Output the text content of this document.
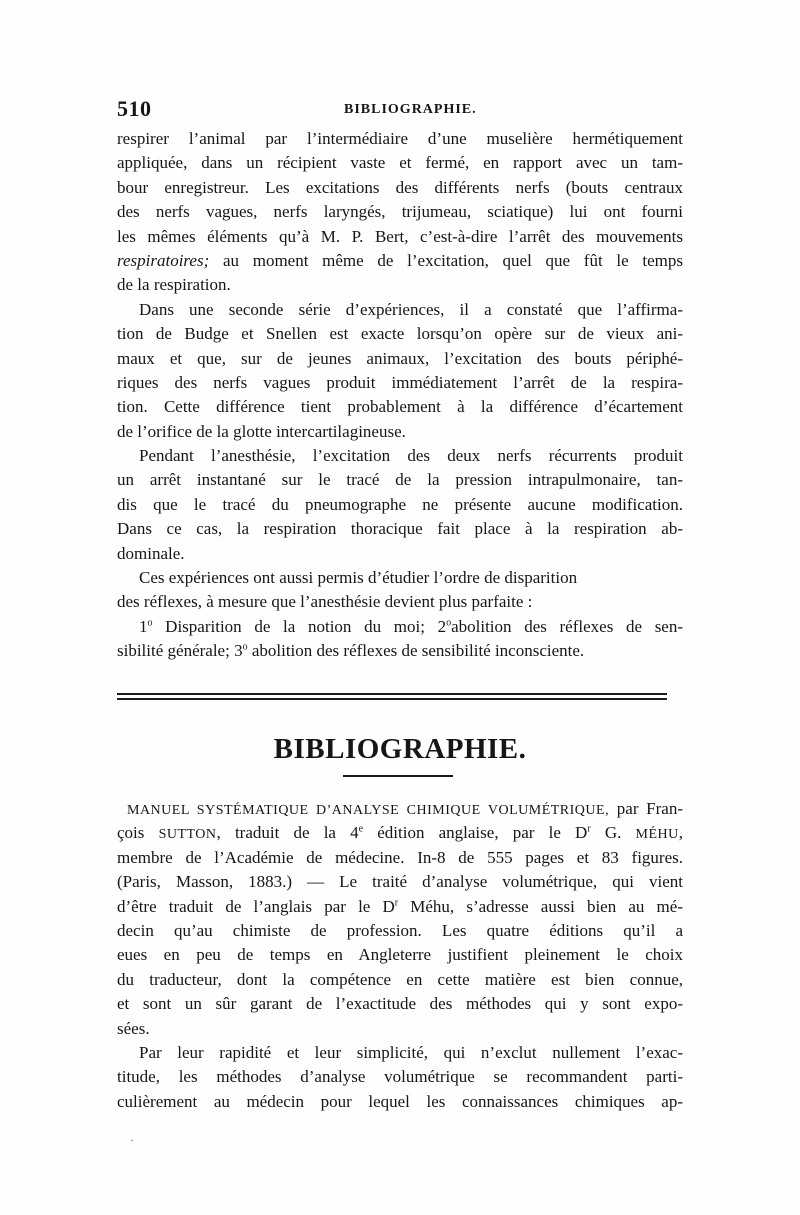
510	BIBLIOGRAPHIE.
respirer l’animal par l’intermédiaire d’une muselière hermétiquement
appliquée, dans un récipient vaste et fermé, en rapport avec un tam-
bour enregistreur. Les excitations des différents nerfs (bouts centraux
des nerfs vagues, nerfs laryngés, trijumeau, sciatique) lui ont fourni
les mêmes éléments qu’à M. P. Bert, c’est-à-dire l’arrêt des mouvements
respiratoires; au moment même de l’excitation, quel que fût le temps
de la respiration.
Dans une seconde série d’expériences, il a constaté que l’affirma-
tion de Budge et Snellen est exacte lorsqu’on opère sur de vieux ani-
maux et que, sur de jeunes animaux, l’excitation des bouts périphé-
riques des nerfs vagues produit immédiatement l’arrêt de la respira-
tion. Cette différence tient probablement à la différence d’écartement
de l’orifice de la glotte intercartilagineuse.
Pendant l’anesthésie, l’excitation des deux nerfs récurrents produit
un arrêt instantané sur le tracé de la pression intrapulmonaire, tan-
dis que le tracé du pneumographe ne présente aucune modification.
Dans ce cas, la respiration thoracique fait place à la respiration ab-
dominale.
Ces expériences ont aussi permis d’étudier l’ordre de disparition
des réflexes, à mesure que l’anesthésie devient plus parfaite :
1$^o$ Disparition de la notion du moi; 2$^o$abolition des réflexes de sen-
sibilité générale; 3$^o$ abolition des réflexes de sensibilité inconsciente.
BIBLIOGRAPHIE.
MANUEL SYSTÉMATIQUE D’ANALYSE CHIMIQUE VOLUMÉTRIQUE, par Fran-
çois SUTTON, traduit de la 4e édition anglaise, par le $D^r$ G. MÉHU,
membre de l’Académie de médecine. In-8 de 555 pages et 83 figures.
(Paris, Masson, 1883.) — Le traité d’analyse volumétrique, qui vient
d’être traduit de l’anglais par le $D^r$ Méhu, s’adresse aussi bien au mé-
decin qu’au chimiste de profession. Les quatre éditions qu’il a
eues en peu de temps en Angleterre justifient pleinement le choix
du traducteur, dont la compétence en cette matière est bien connue,
et sont un sûr garant de l’exactitude des méthodes qui y sont expo-
sées.
Par leur rapidité et leur simplicité, qui n’exclut nullement l’exac-
titude, les méthodes d’analyse volumétrique se recommandent parti-
culièrement au médecin pour lequel les connaissances chimiques ap-
·
